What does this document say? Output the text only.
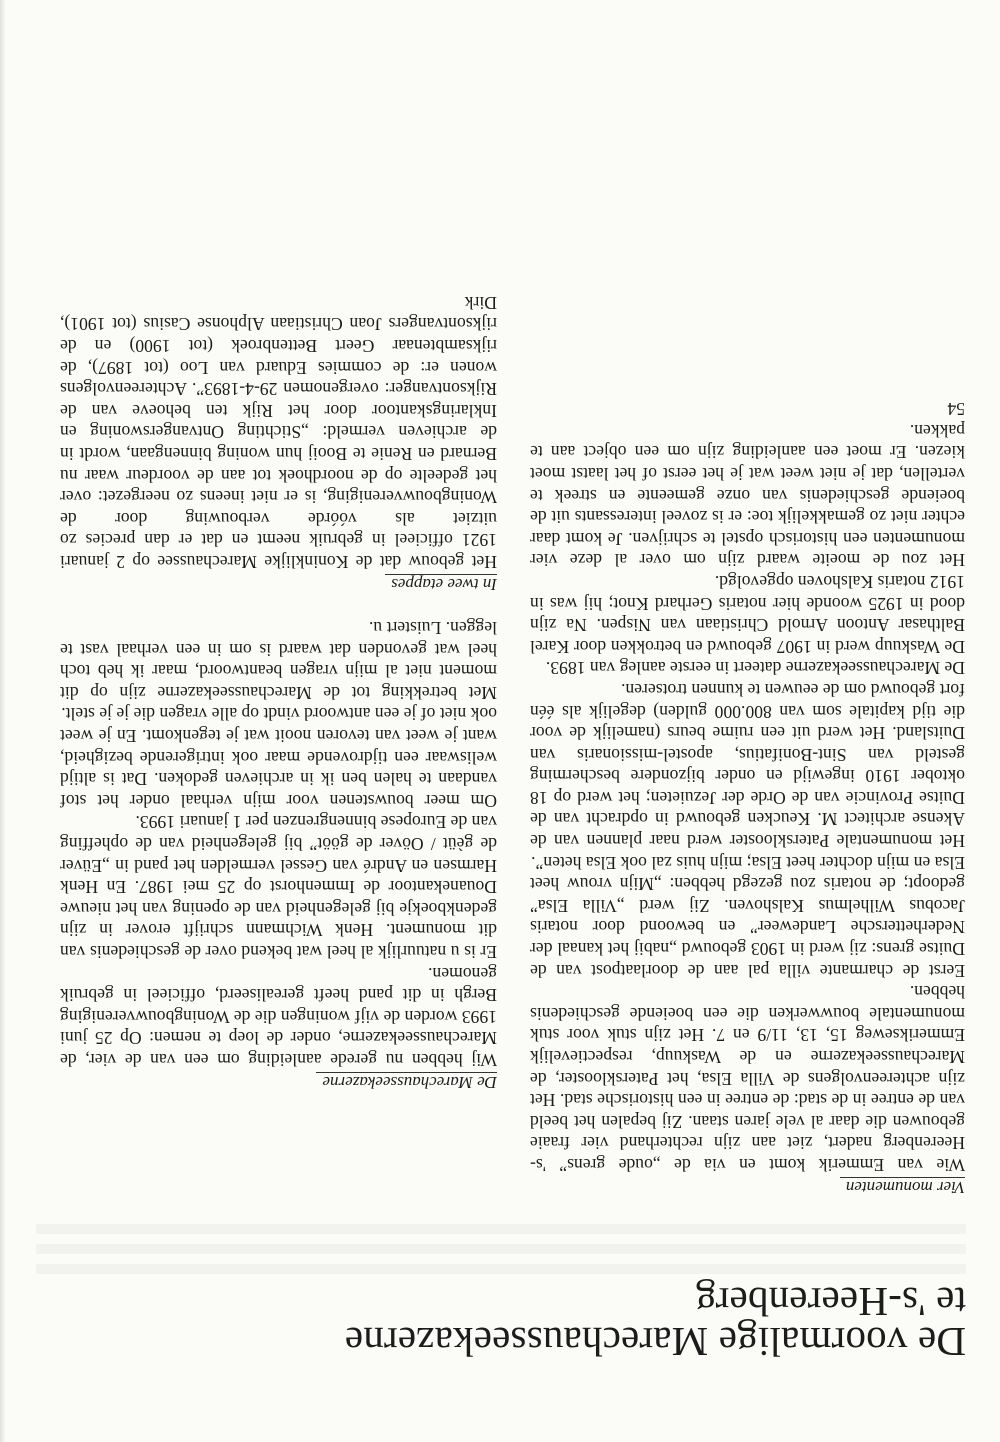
De voormalige Marechausseekazerne
te 's-Heerenberg

Vier monumenten

Wie van Emmerik komt en via de „oude grens” 's-Heerenberg nadert, ziet aan zijn rechterhand vier fraaie gebouwen die daar al vele jaren staan. Zij bepalen het beeld van de entree in de stad: de entree in een historische stad. Het zijn achtereenvolgens de Villa Elsa, het Patersklooster, de Marechausseekazerne en de Waskuup, respectievelijk Emmerikseweg 15, 13, 11/9 en 7. Het zijn stuk voor stuk monumentale bouwwerken die een boeiende geschiedenis hebben.

Eerst de charmante villa pal aan de doorlaatpost van de Duitse grens: zij werd in 1903 gebouwd „nabij het kanaal der Nederhettersche Landeweer” en bewoond door notaris Jacobus Wilhelmus Kalshoven. Zij werd „Villa Elsa” gedoopt; de notaris zou gezegd hebben: „Mijn vrouw heet Elsa en mijn dochter heet Elsa; mijn huis zal ook Elsa heten”.

Het monumentale Patersklooster werd naar plannen van de Akense architect M. Keucken gebouwd in opdracht van de Duitse Provincie van de Orde der Jezuieten; het werd op 18 oktober 1910 ingewijd en onder bijzondere bescherming gesteld van Sint-Bonifatius, apostel-missionaris van Duitsland. Het werd uit een ruime beurs (namelijk de voor die tijd kapitale som van 800.000 gulden) degelijk als één fort gebouwd om de eeuwen te kunnen trotseren.

De Marechausseekazerne dateert in eerste aanleg van 1893.

De Waskuup werd in 1907 gebouwd en betrokken door Karel Balthasar Antoon Arnold Christiaan van Nispen. Na zijn dood in 1925 woonde hier notaris Gerhard Knot; hij was in 1912 notaris Kalshoven opgevolgd.

Het zou de moeite waard zijn om over al deze vier monumenten een historisch opstel te schrijven. Je komt daar echter niet zo gemakkelijk toe: er is zoveel interessants uit de boeiende geschiedenis van onze gemeente en streek te vertellen, dat je niet weet wat je het eerst of het laatst moet kiezen. Er moet een aanleiding zijn om een object aan te pakken.

54

De Marechausseekazerne

Wij hebben nu gerede aanleiding om een van de vier, de Marechausseekazerne, onder de loep te nemen: Op 25 juni 1993 worden de vijf woningen die de Woningbouwvereniging Bergh in dit pand heeft gerealiseerd, officieel in gebruik genomen.

Er is u natuurlijk al heel wat bekend over de geschiedenis van dit monument. Henk Wichmann schrijft erover in zijn gedenkboekje bij gelegenheid van de opening van het nieuwe Douanekantoor de Immenhorst op 25 mei 1987. En Henk Harmsen en André van Gessel vermelden het pand in „Eüver de gèüt / Oöver de gööt” bij gelegenheid van de opheffing van de Europese binnengrenzen per 1 januari 1993.

Om meer bouwstenen voor mijn verhaal onder het stof vandaan te halen ben ik in archieven gedoken. Dat is altijd weliswaar een tijdrovende maar ook intrigerende bezigheid, want je weet van tevoren nooit wat je tegenkomt. En je weet ook niet of je een antwoord vindt op alle vragen die je je stelt.

Met betrekking tot de Marechausseekazerne zijn op dit moment niet al mijn vragen beantwoord, maar ik heb toch heel wat gevonden dat waard is om in een verhaal vast te leggen. Luistert u.

In twee etappes

Het gebouw dat de Koninklijke Marechaussee op 2 januari 1921 officieel in gebruik neemt en dat er dan precies zo uitziet als vóórde verbouwing door de Woningbouwvereniging, is er niet ineens zo neergezet: over het gedeelte op de noordhoek tot aan de voordeur waar nu Bernard en Renie te Booij hun woning binnengaan, wordt in de archieven vermeld: „Stichting Ontvangerswoning en Inklaringskantoor door het Rijk ten behoeve van de Rijksontvanger: overgenomen 29-4-1893”. Achtereenvolgens wonen er: de commies Eduard van Loo (tot 1897), de rijksambtenaar Geert Bettenbroek (tot 1900) en de rijksontvangers Joan Christiaan Alphonse Casius (tot 1901), Dirk
